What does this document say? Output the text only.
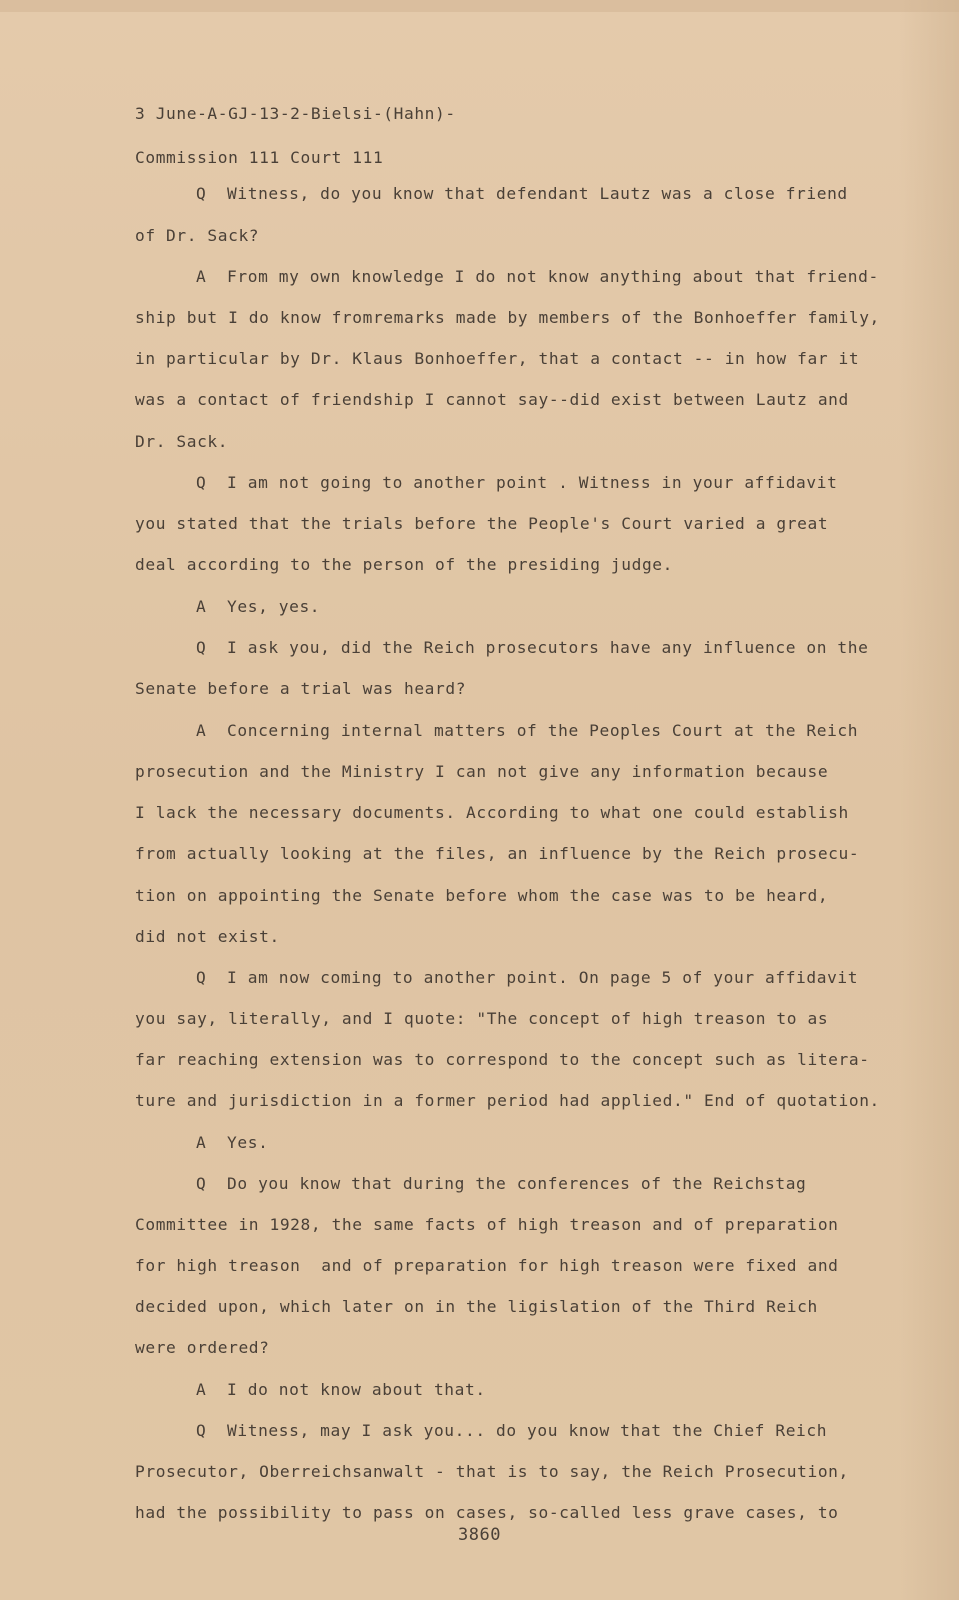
3 June-A-GJ-13-2-Bielsi-(Hahn)-
Commission 111 Court 111
Q  Witness, do you know that defendant Lautz was a close friend
of Dr. Sack?
A  From my own knowledge I do not know anything about that friend-
ship but I do know fromremarks made by members of the Bonhoeffer family,
in particular by Dr. Klaus Bonhoeffer, that a contact -- in how far it
was a contact of friendship I cannot say--did exist between Lautz and
Dr. Sack.
Q  I am not going to another point . Witness in your affidavit
you stated that the trials before the People's Court varied a great
deal according to the person of the presiding judge.
A  Yes, yes.
Q  I ask you, did the Reich prosecutors have any influence on the
Senate before a trial was heard?
A  Concerning internal matters of the Peoples Court at the Reich
prosecution and the Ministry I can not give any information because
I lack the necessary documents. According to what one could establish
from actually looking at the files, an influence by the Reich prosecu-
tion on appointing the Senate before whom the case was to be heard,
did not exist.
Q  I am now coming to another point. On page 5 of your affidavit
you say, literally, and I quote: "The concept of high treason to as
far reaching extension was to correspond to the concept such as litera-
ture and jurisdiction in a former period had applied." End of quotation.
A  Yes.
Q  Do you know that during the conferences of the Reichstag
Committee in 1928, the same facts of high treason and of preparation
for high treason  and of preparation for high treason were fixed and
decided upon, which later on in the ligislation of the Third Reich
were ordered?
A  I do not know about that.
Q  Witness, may I ask you... do you know that the Chief Reich
Prosecutor, Oberreichsanwalt - that is to say, the Reich Prosecution,
had the possibility to pass on cases, so-called less grave cases, to
3860
